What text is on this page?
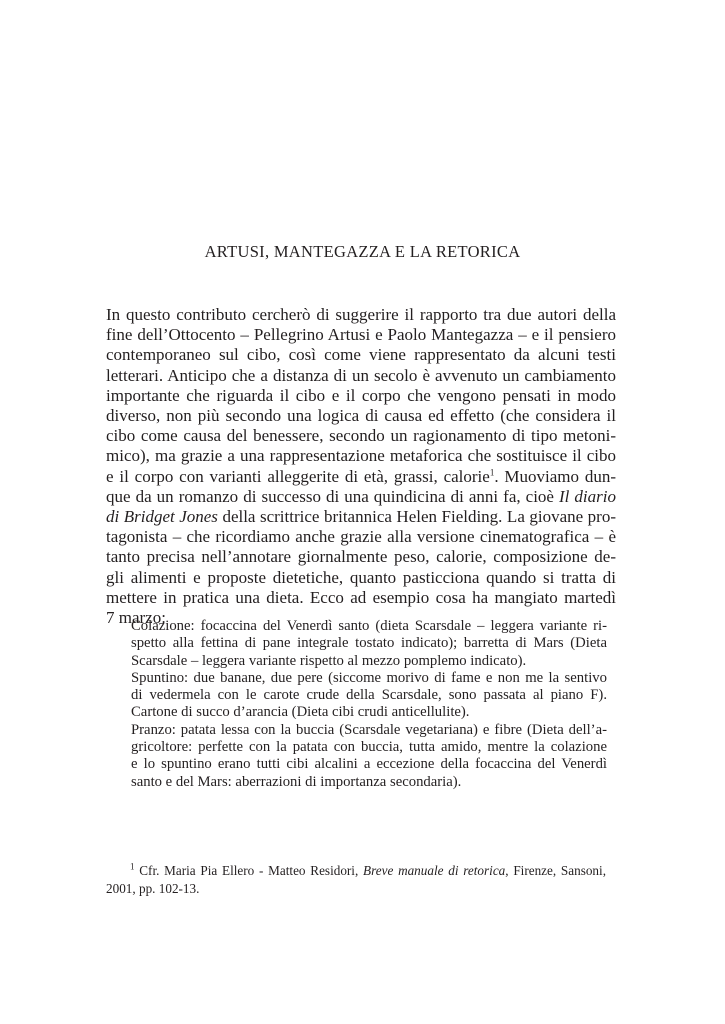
ARTUSI, MANTEGAZZA E LA RETORICA
In questo contributo cercherò di suggerire il rapporto tra due autori della
fine dell’Ottocento – Pellegrino Artusi e Paolo Mantegazza – e il pensiero
contemporaneo sul cibo, così come viene rappresentato da alcuni testi
letterari. Anticipo che a distanza di un secolo è avvenuto un cambiamento
importante che riguarda il cibo e il corpo che vengono pensati in modo
diverso, non più secondo una logica di causa ed effetto (che considera il
cibo come causa del benessere, secondo un ragionamento di tipo metoni-
mico), ma grazie a una rappresentazione metaforica che sostituisce il cibo
e il corpo con varianti alleggerite di età, grassi, calorie$^1$. Muoviamo dun-
que da un romanzo di successo di una quindicina di anni fa, cioè Il diario
di Bridget Jones della scrittrice britannica Helen Fielding. La giovane pro-
tagonista – che ricordiamo anche grazie alla versione cinematografica – è
tanto precisa nell’annotare giornalmente peso, calorie, composizione de-
gli alimenti e proposte dietetiche, quanto pasticciona quando si tratta di
mettere in pratica una dieta. Ecco ad esempio cosa ha mangiato martedì
7 marzo:
Colazione: focaccina del Venerdì santo (dieta Scarsdale – leggera variante ri-
spetto alla fettina di pane integrale tostato indicato); barretta di Mars (Dieta
Scarsdale – leggera variante rispetto al mezzo pomplemo indicato).
Spuntino: due banane, due pere (siccome morivo di fame e non me la sentivo
di vedermela con le carote crude della Scarsdale, sono passata al piano F).
Cartone di succo d’arancia (Dieta cibi crudi anticellulite).
Pranzo: patata lessa con la buccia (Scarsdale vegetariana) e fibre (Dieta dell’a-
gricoltore: perfette con la patata con buccia, tutta amido, mentre la colazione
e lo spuntino erano tutti cibi alcalini a eccezione della focaccina del Venerdì
santo e del Mars: aberrazioni di importanza secondaria).
$^1$ Cfr. Maria Pia Ellero - Matteo Residori, Breve manuale di retorica, Firenze, Sansoni,
2001, pp. 102-13.
